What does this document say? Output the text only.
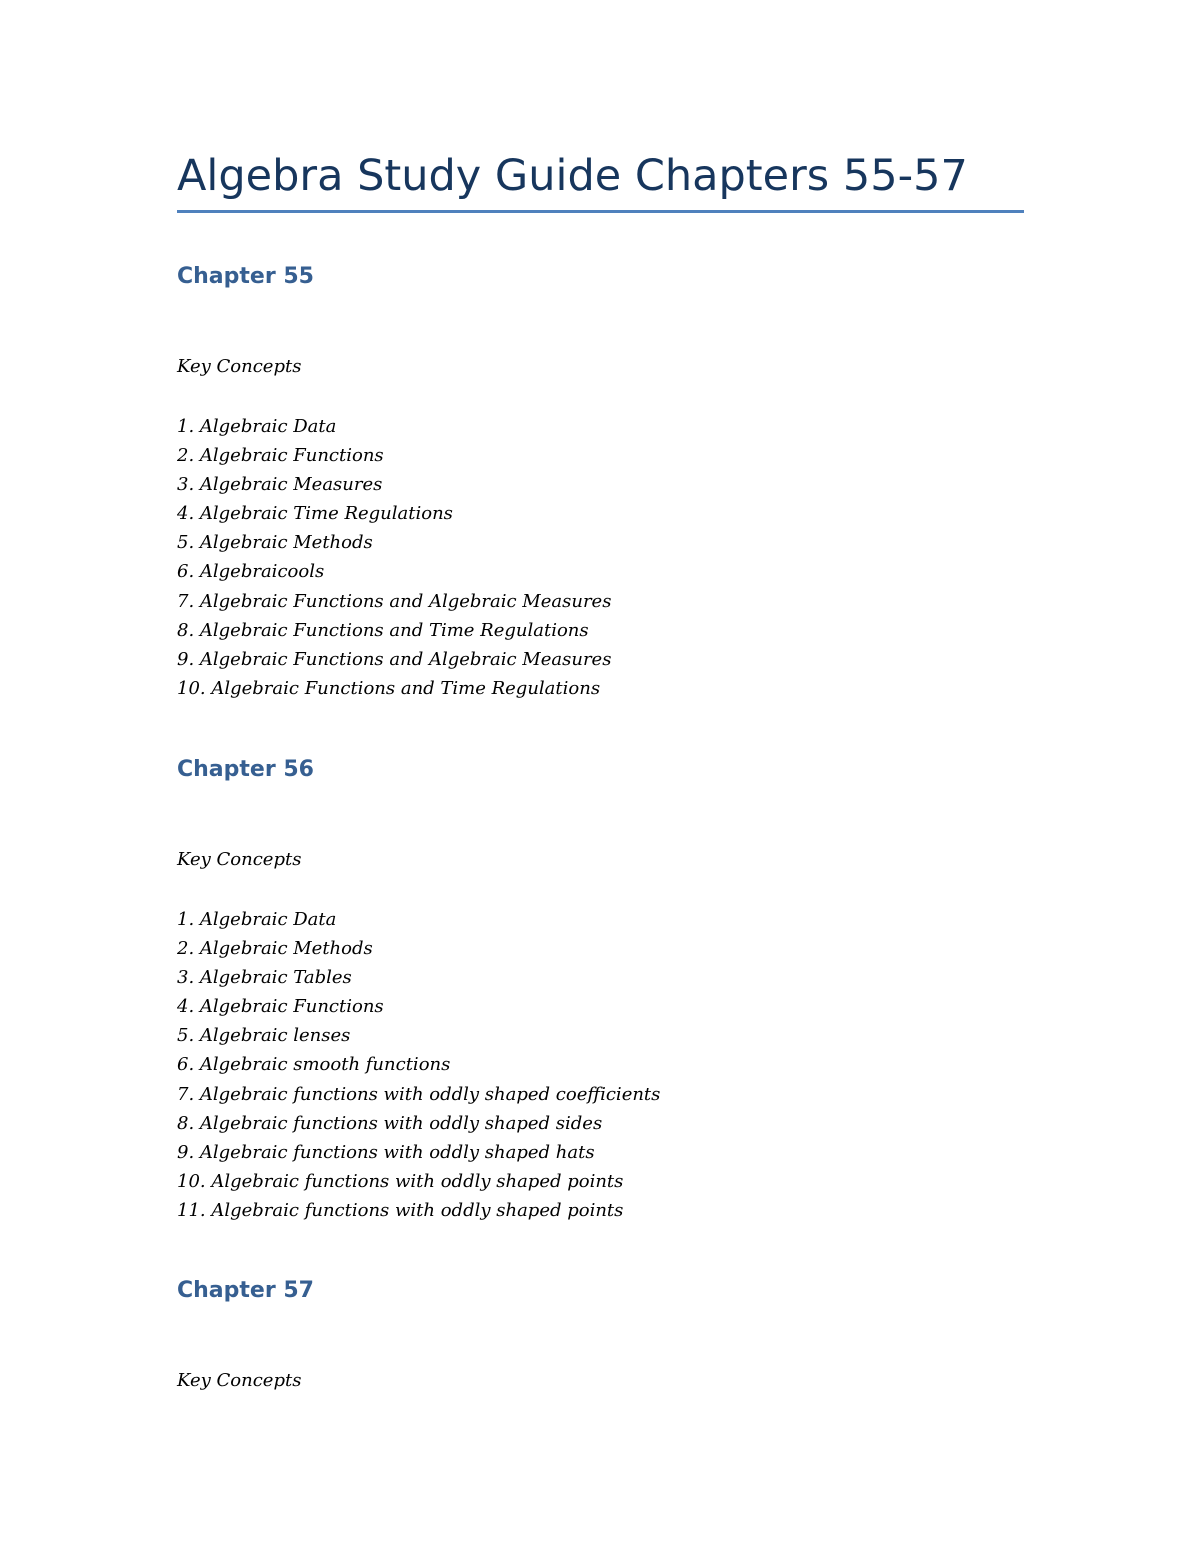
Algebra Study Guide Chapters 55-57
Chapter 55

Key Concepts

1. Algebraic Data
2. Algebraic Functions
3. Algebraic Measures
4. Algebraic Time Regulations
5. Algebraic Methods
6. Algebraicools
7. Algebraic Functions and Algebraic Measures
8. Algebraic Functions and Time Regulations
9. Algebraic Functions and Algebraic Measures
10. Algebraic Functions and Time Regulations
Chapter 56

Key Concepts

1. Algebraic Data
2. Algebraic Methods
3. Algebraic Tables
4. Algebraic Functions
5. Algebraic lenses
6. Algebraic smooth functions
7. Algebraic functions with oddly shaped coefficients
8. Algebraic functions with oddly shaped sides
9. Algebraic functions with oddly shaped hats
10. Algebraic functions with oddly shaped points
11. Algebraic functions with oddly shaped points
Chapter 57

Key Concepts
